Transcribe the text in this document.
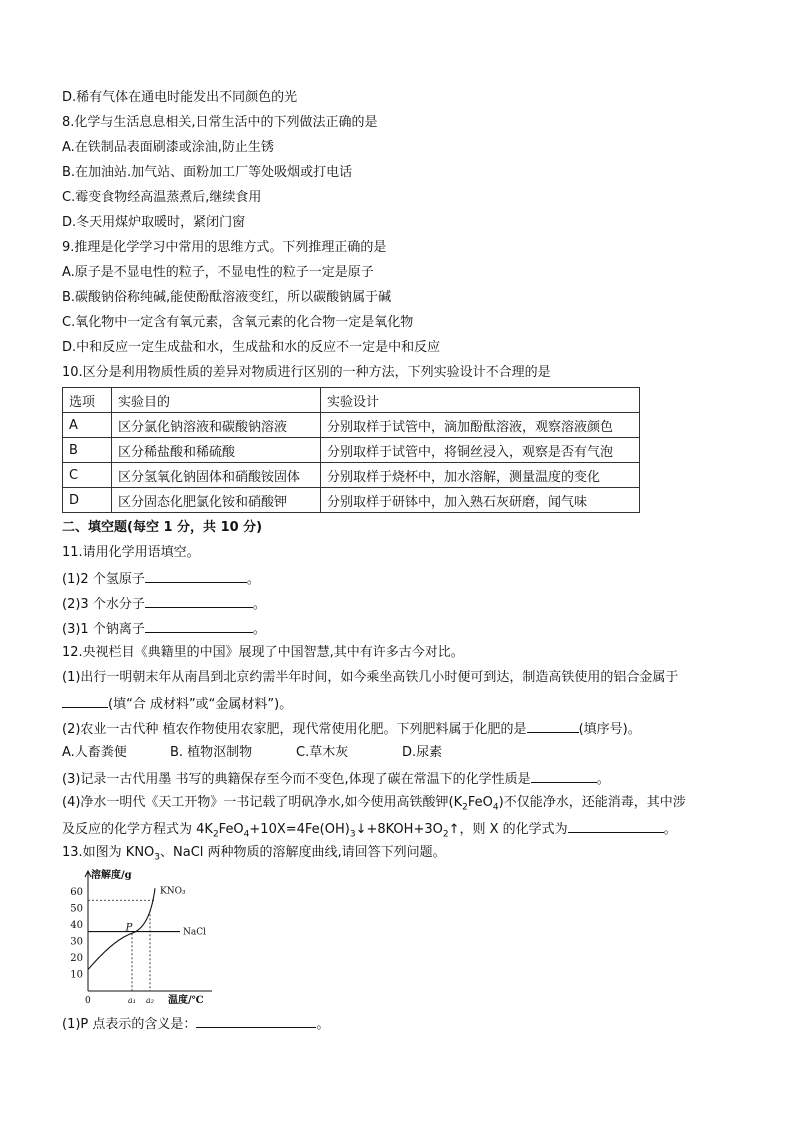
D.稀有气体在通电时能发出不同颜色的光
8.化学与生活息息相关,日常生活中的下列做法正确的是
A.在铁制品表面刷漆或涂油,防止生锈
B.在加油站.加气站、面粉加工厂等处吸烟或打电话
C.霉变食物经高温蒸煮后,继续食用
D.冬天用煤炉取暖时，紧闭门窗
9.推理是化学学习中常用的思维方式。下列推理正确的是
A.原子是不显电性的粒子，不显电性的粒子一定是原子
B.碳酸钠俗称纯碱,能使酚酞溶液变红，所以碳酸钠属于碱
C.氧化物中一定含有氧元素，含氧元素的化合物一定是氧化物
D.中和反应一定生成盐和水，生成盐和水的反应不一定是中和反应
10.区分是利用物质性质的差异对物质进行区别的一种方法，下列实验设计不合理的是
选项	实验目的	实验设计
A	区分氯化钠溶液和碳酸钠溶液	分别取样于试管中，滴加酚酞溶液，观察溶液颜色
B	区分稀盐酸和稀硫酸	分别取样于试管中，将铜丝浸入，观察是否有气泡
C	区分氢氧化钠固体和硝酸铵固体	分别取样于烧杯中，加水溶解，测量温度的变化
D	区分固态化肥氯化铵和硝酸钾	分别取样于研钵中，加入熟石灰研磨，闻气味
二、填空题(每空 1 分，共 10 分)
11.请用化学用语填空。
(1)2 个氢原子	。
(2)3 个水分子	。
(3)1 个钠离子	。
12.央视栏目《典籍里的中国》展现了中国智慧,其中有许多古今对比。
(1)出行一明朝末年从南昌到北京约需半年时间，如今乘坐高铁几小时便可到达，制造高铁使用的铝合金属于
(填“合 成材料”或“金属材料”)。
(2)农业一古代种 植农作物使用农家肥，现代常使用化肥。下列肥料属于化肥的是	(填序号)。
A.人畜粪便	B. 植物沤制物	C.草木灰	D.尿素
(3)记录一古代用墨 书写的典籍保存至今而不变色,体现了碳在常温下的化学性质是	。
(4)净水一明代《天工开物》一书记载了明矾净水,如今使用高铁酸钾$(K_2FeO_4)$不仅能净水，还能消毒，其中涉
及反应的化学方程式为 $4K_2FeO_4+10X=4Fe(OH)_3↓+8KOH+3O_2↑$，则 X 的化学式为	。
13.如图为 $KNO_3$、NaCl 两种物质的溶解度曲线,请回答下列问题。
溶解度/g
温度/℃
10
20
30
40
50
60
0	a₁ a₂
NaCl
KNO₃
P
(1)P 点表示的含义是：	。
